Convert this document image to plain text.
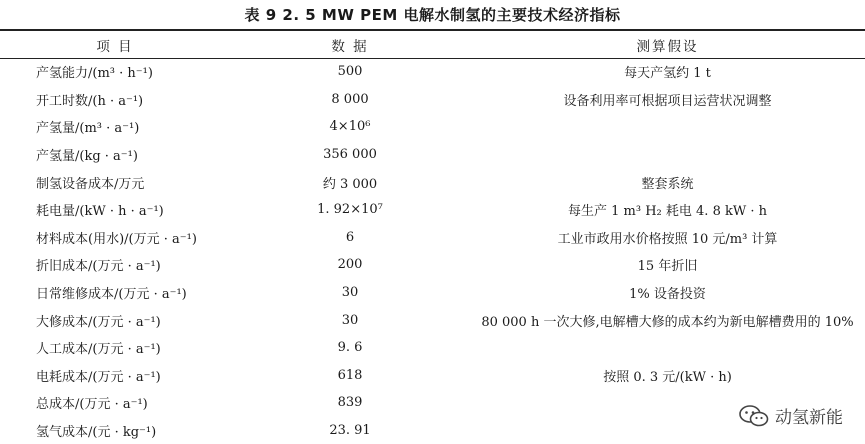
表 9 2. 5 MW PEM 电解水制氢的主要技术经济指标
项 目	数 据	测算假设
产氢能力/(m³ · h⁻¹)	500	每天产氢约 1 t
开工时数/(h · a⁻¹)	8 000	设备利用率可根据项目运营状况调整
产氢量/(m³ · a⁻¹)	4×10⁶	
产氢量/(kg · a⁻¹)	356 000	
制氢设备成本/万元	约 3 000	整套系统
耗电量/(kW · h · a⁻¹)	1. 92×10⁷	每生产 1 m³ H₂ 耗电 4. 8 kW · h
材料成本(用水)/(万元 · a⁻¹)	6	工业市政用水价格按照 10 元/m³ 计算
折旧成本/(万元 · a⁻¹)	200	15 年折旧
日常维修成本/(万元 · a⁻¹)	30	1% 设备投资
大修成本/(万元 · a⁻¹)	30	80 000 h 一次大修,电解槽大修的成本约为新电解槽费用的 10%
人工成本/(万元 · a⁻¹)	9. 6	
电耗成本/(万元 · a⁻¹)	618	按照 0. 3 元/(kW · h)
总成本/(万元 · a⁻¹)	839	
氢气成本/(元 · kg⁻¹)	23. 91	
动氢新能
